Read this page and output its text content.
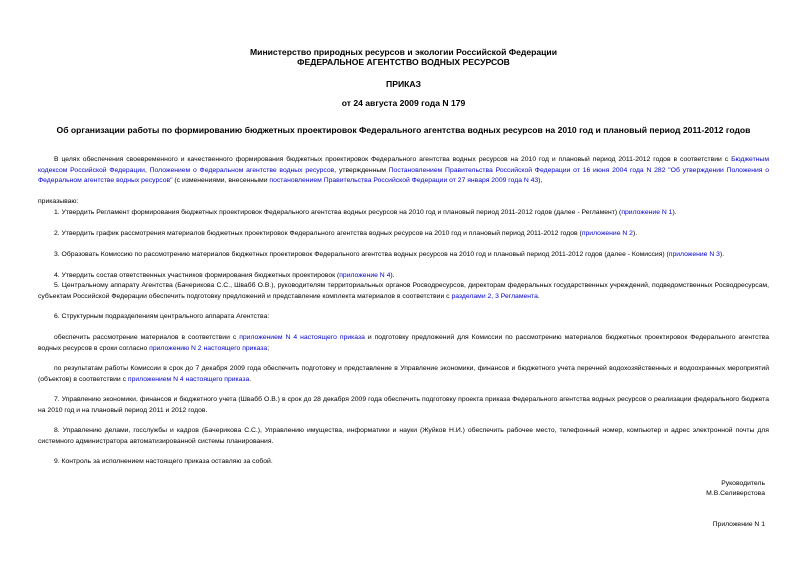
Министерство природных ресурсов и экологии Российской Федерации
ФЕДЕРАЛЬНОЕ АГЕНТСТВО ВОДНЫХ РЕСУРСОВ
ПРИКАЗ
от 24 августа 2009 года N 179
Об организации работы по формированию бюджетных проектировок Федерального агентства водных ресурсов на 2010 год и плановый период 2011-2012 годов
В целях обеспечения своевременного и качественного формирования бюджетных проектировок Федерального агентства водных ресурсов на 2010 год и плановый период 2011-2012 годов в соответствии с Бюджетным кодексом Российской Федерации, Положением о Федеральном агентстве водных ресурсов, утвержденным Постановлением Правительства Российской Федерации от 16 июня 2004 года N 282 "Об утверждении Положения о Федеральном агентстве водных ресурсов" (с изменениями, внесенными постановлением Правительства Российской Федерации от 27 января 2009 года N 43),
приказываю:
1. Утвердить Регламент формирования бюджетных проектировок Федерального агентства водных ресурсов на 2010 год и плановый период 2011-2012 годов (далее - Регламент) (приложение N 1).
2. Утвердить график рассмотрения материалов бюджетных проектировок Федерального агентства водных ресурсов на 2010 год и плановый период 2011-2012 годов (приложение N 2).
3. Образовать Комиссию по рассмотрению материалов бюджетных проектировок Федерального агентства водных ресурсов на 2010 год и плановый период 2011-2012 годов (далее - Комиссия) (приложение N 3).
4. Утвердить состав ответственных участников формирования бюджетных проектировок (приложение N 4).
5. Центральному аппарату Агентства (Бачерикова С.С., Швабб О.В.), руководителям территориальных органов Росводресурсов, директорам федеральных государственных учреждений, подведомственных Росводресурсам, субъектам Российской Федерации обеспечить подготовку предложений и представление комплекта материалов в соответствии с разделами 2, 3 Регламента.
6. Структурным подразделениям центрального аппарата Агентства:
обеспечить рассмотрение материалов в соответствии с приложением N 4 настоящего приказа и подготовку предложений для Комиссии по рассмотрению материалов бюджетных проектировок Федерального агентства водных ресурсов в сроки согласно приложению N 2 настоящего приказа;
по результатам работы Комиссии в срок до 7 декабря 2009 года обеспечить подготовку и представление в Управление экономики, финансов и бюджетного учета перечней водохозяйственных и водоохранных мероприятий (объектов) в соответствии с приложением N 4 настоящего приказа.
7. Управлению экономики, финансов и бюджетного учета (Швабб О.В.) в срок до 28 декабря 2009 года обеспечить подготовку проекта приказа Федерального агентства водных ресурсов о реализации федерального бюджета на 2010 год и на плановый период 2011 и 2012 годов.
8. Управлению делами, госслужбы и кадров (Бачерикова С.С.), Управлению имущества, информатики и науки (Жуйков Н.И.) обеспечить рабочее место, телефонный номер, компьютер и адрес электронной почты для системного администратора автоматизированной системы планирования.
9. Контроль за исполнением настоящего приказа оставляю за собой.
Руководитель
М.В.Селиверстова
Приложение N 1
